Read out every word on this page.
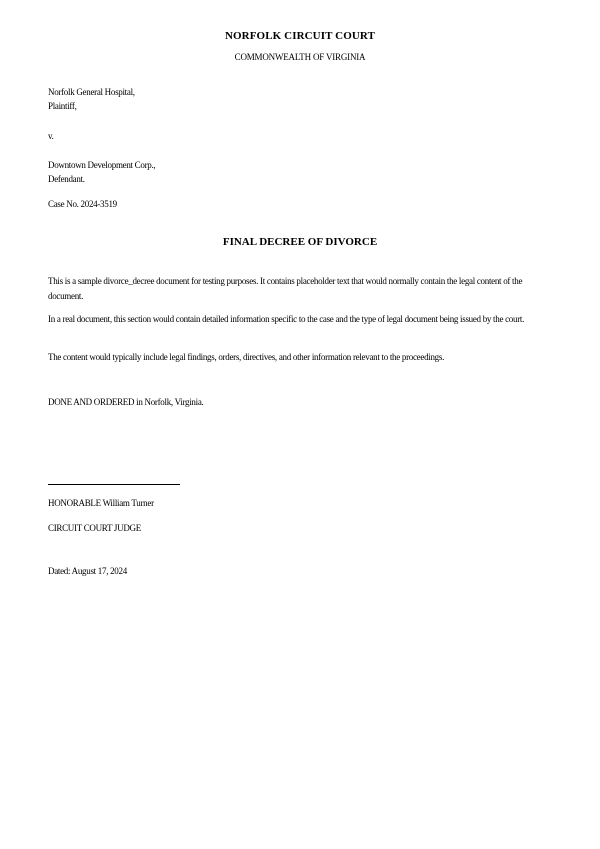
NORFOLK CIRCUIT COURT
COMMONWEALTH OF VIRGINIA
Norfolk General Hospital,
Plaintiff,
v.
Downtown Development Corp.,
Defendant.
Case No. 2024-3519
FINAL DECREE OF DIVORCE
This is a sample divorce_decree document for testing purposes. It contains placeholder text that would normally contain the legal content of the document.
In a real document, this section would contain detailed information specific to the case and the type of legal document being issued by the court.
The content would typically include legal findings, orders, directives, and other information relevant to the proceedings.
DONE AND ORDERED in Norfolk, Virginia.
HONORABLE William Turner
CIRCUIT COURT JUDGE
Dated: August 17, 2024
